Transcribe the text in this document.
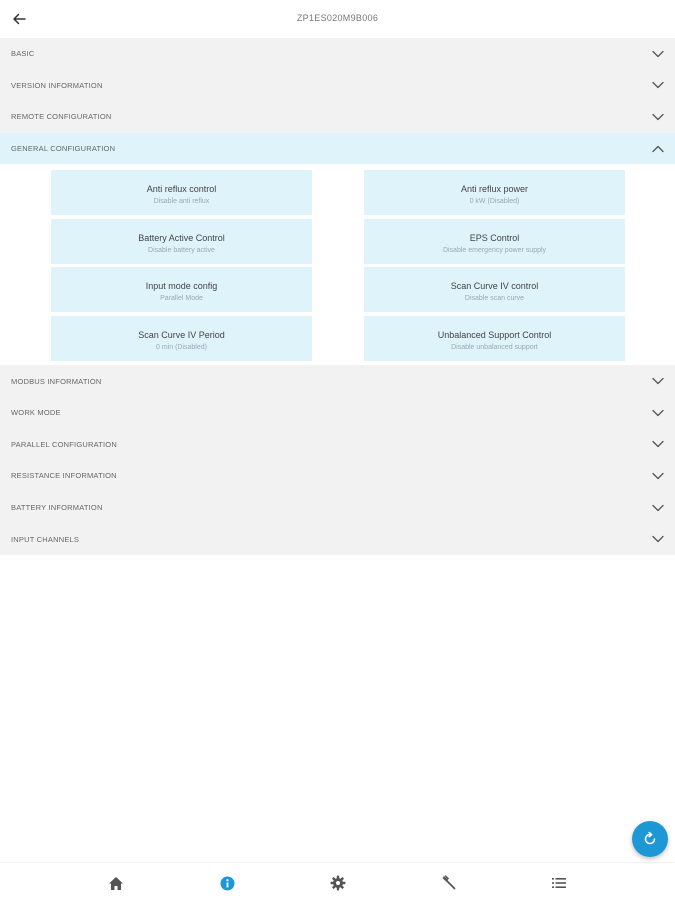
ZP1ES020M9B006
BASIC
VERSION INFORMATION
REMOTE CONFIGURATION
GENERAL CONFIGURATION
Anti reflux control
Disable anti reflux
Anti reflux power
0 kW (Disabled)
Battery Active Control
Disable battery active
EPS Control
Disable emergency power supply
Input mode config
Parallel Mode
Scan Curve IV control
Disable scan curve
Scan Curve IV Period
0 min (Disabled)
Unbalanced Support Control
Disable unbalanced support
MODBUS INFORMATION
WORK MODE
PARALLEL CONFIGURATION
RESISTANCE INFORMATION
BATTERY INFORMATION
INPUT CHANNELS
